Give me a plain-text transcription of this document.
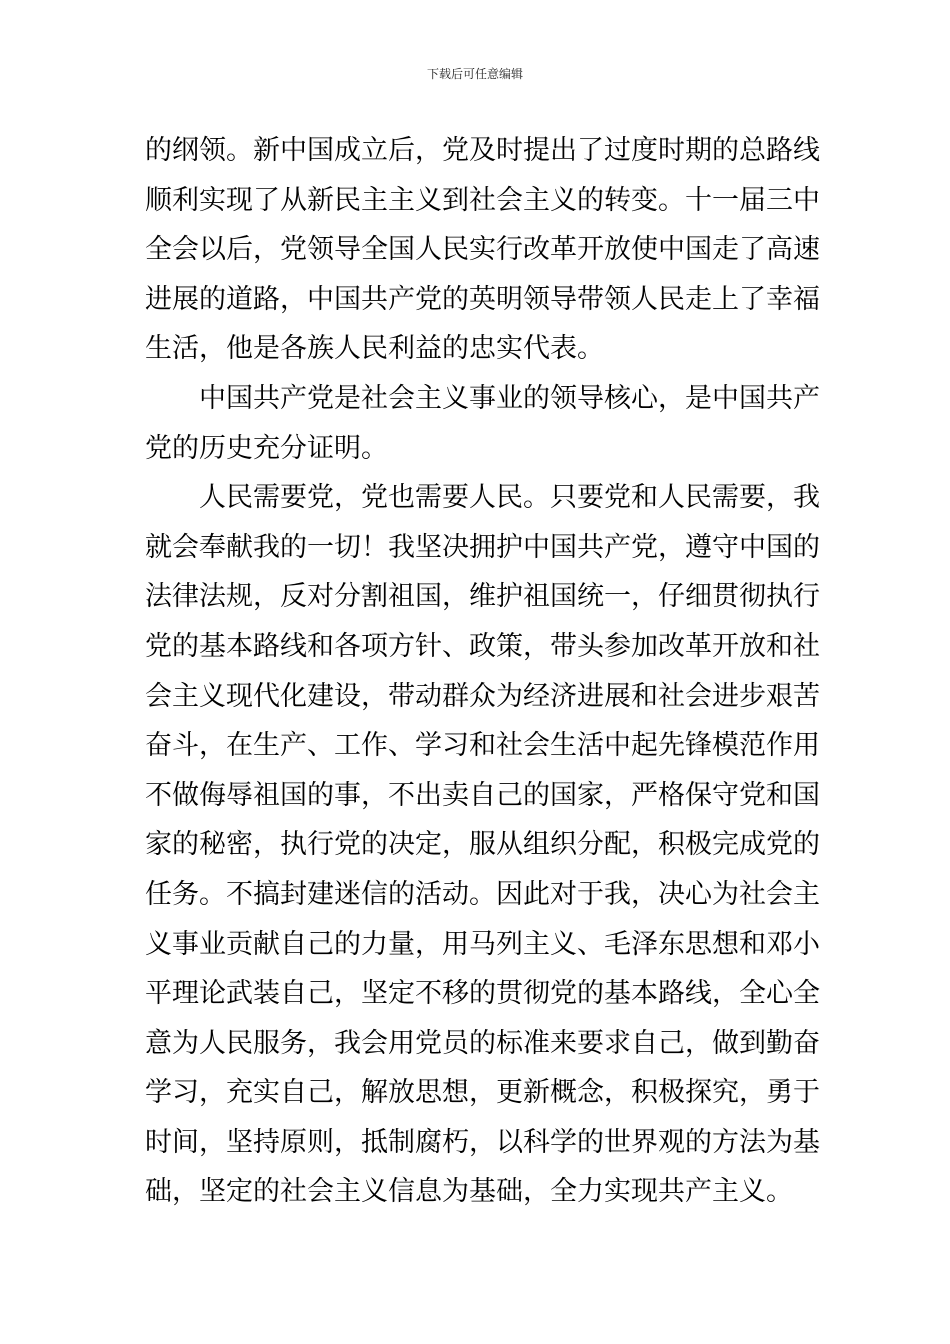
下载后可任意编辑
的纲领。新中国成立后，党及时提出了过度时期的总路线
顺利实现了从新民主主义到社会主义的转变。十一届三中
全会以后，党领导全国人民实行改革开放使中国走了高速
进展的道路，中国共产党的英明领导带领人民走上了幸福
生活，他是各族人民利益的忠实代表。
　　中国共产党是社会主义事业的领导核心，是中国共产
党的历史充分证明。
　　人民需要党，党也需要人民。只要党和人民需要，我
就会奉献我的一切！我坚决拥护中国共产党，遵守中国的
法律法规，反对分割祖国，维护祖国统一，仔细贯彻执行
党的基本路线和各项方针、政策，带头参加改革开放和社
会主义现代化建设，带动群众为经济进展和社会进步艰苦
奋斗，在生产、工作、学习和社会生活中起先锋模范作用
不做侮辱祖国的事，不出卖自己的国家，严格保守党和国
家的秘密，执行党的决定，服从组织分配，积极完成党的
任务。不搞封建迷信的活动。因此对于我，决心为社会主
义事业贡献自己的力量，用马列主义、毛泽东思想和邓小
平理论武装自己，坚定不移的贯彻党的基本路线，全心全
意为人民服务，我会用党员的标准来要求自己，做到勤奋
学习，充实自己，解放思想，更新概念，积极探究，勇于
时间，坚持原则，抵制腐朽，以科学的世界观的方法为基
础，坚定的社会主义信息为基础，全力实现共产主义。
